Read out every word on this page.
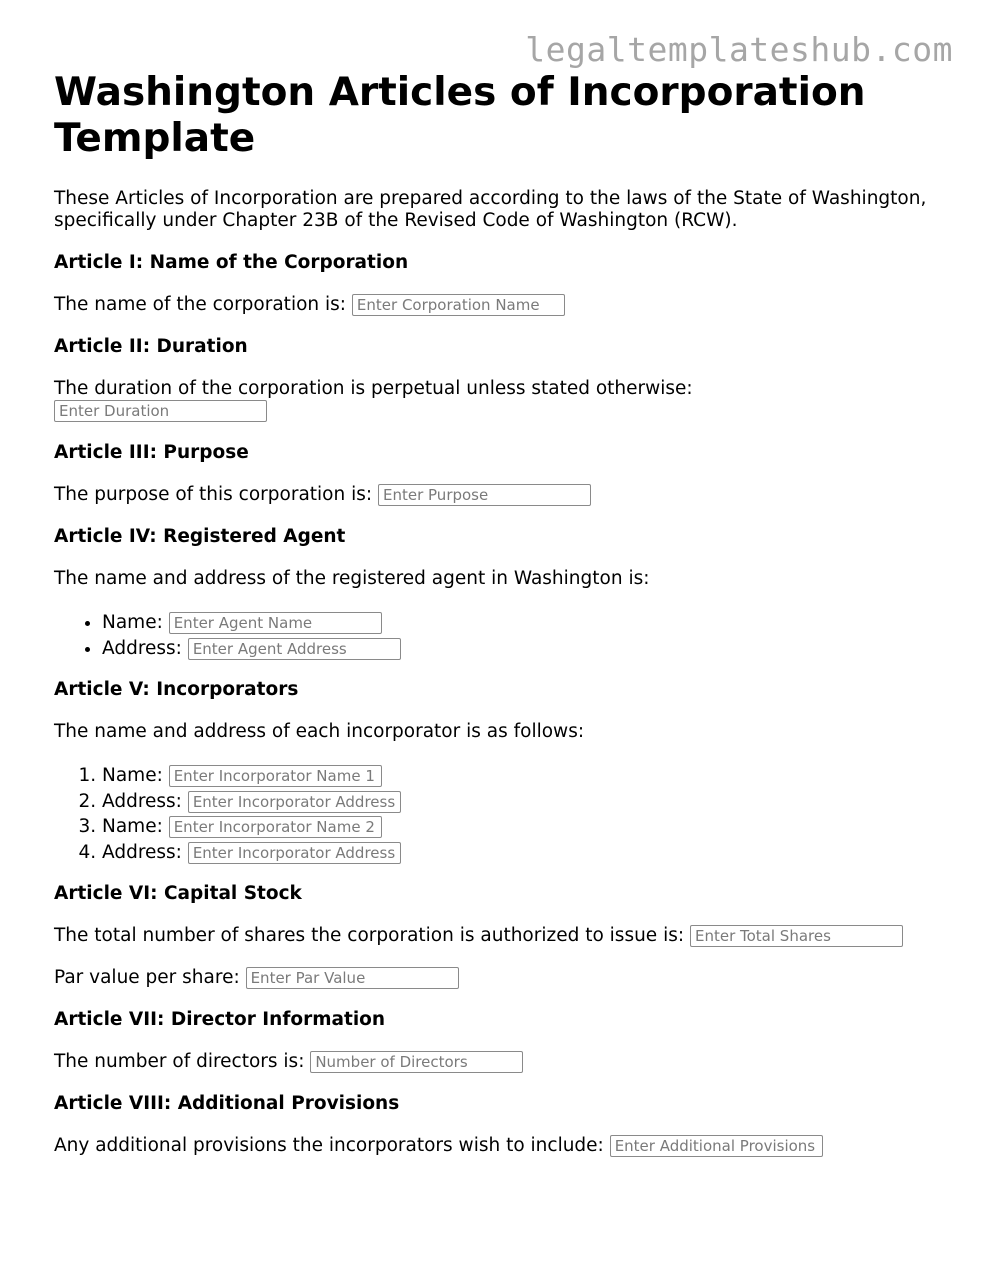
legaltemplateshub.com
Washington Articles of Incorporation Template

These Articles of Incorporation are prepared according to the laws of the State of Washington, specifically under Chapter 23B of the Revised Code of Washington (RCW).

Article I: Name of the Corporation

The name of the corporation is: Enter Corporation Name

Article II: Duration

The duration of the corporation is perpetual unless stated otherwise:
Enter Duration

Article III: Purpose

The purpose of this corporation is: Enter Purpose

Article IV: Registered Agent

The name and address of the registered agent in Washington is:

• Name: Enter Agent Name
• Address: Enter Agent Address
Article V: Incorporators

The name and address of each incorporator is as follows:

1. Name: Enter Incorporator Name 1
2. Address: Enter Incorporator Address 1
3. Name: Enter Incorporator Name 2
4. Address: Enter Incorporator Address 2
Article VI: Capital Stock

The total number of shares the corporation is authorized to issue is: Enter Total Shares

Par value per share: Enter Par Value

Article VII: Director Information

The number of directors is: Number of Directors

Article VIII: Additional Provisions

Any additional provisions the incorporators wish to include: Enter Additional Provisions
